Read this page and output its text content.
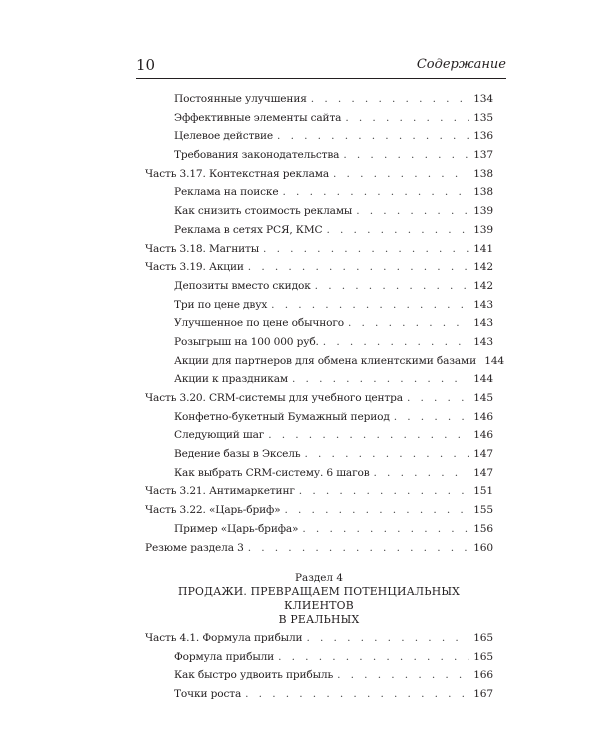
10	Содержание
Постоянные улучшения . . .	134
Эффективные элементы сайта . . .	135
Целевое действие . . .	136
Требования законодательства . . .	137
Часть 3.17. Контекстная реклама . . .	138
Реклама на поиске . . .	138
Как снизить стоимость рекламы . . .	139
Реклама в сетях РСЯ, КМС . . .	139
Часть 3.18. Магниты . . .	141
Часть 3.19. Акции . . .	142
Депозиты вместо скидок . . .	142
Три по цене двух . . .	143
Улучшенное по цене обычного . . .	143
Розыгрыш на 100 000 руб. . . .	143
Акции для партнеров для обмена клиентскими базами . . . 144
Акции к праздникам . . .	144
Часть 3.20. CRM-системы для учебного центра . . .	145
Конфетно-букетный Бумажный период . . .	146
Следующий шаг . . .	146
Ведение базы в Эксель . . .	147
Как выбрать CRM-систему. 6 шагов . . .	147
Часть 3.21. Антимаркетинг . . .	151
Часть 3.22. «Царь-бриф» . . .	155
Пример «Царь-брифа» . . .	156
Резюме раздела 3 . . .	160
Раздел 4
ПРОДАЖИ. ПРЕВРАЩАЕМ ПОТЕНЦИАЛЬНЫХ КЛИЕНТОВ
В РЕАЛЬНЫХ
Часть 4.1. Формула прибыли . . .	165
Формула прибыли . . .	165
Как быстро удвоить прибыль . . .	166
Точки роста . . .	167
